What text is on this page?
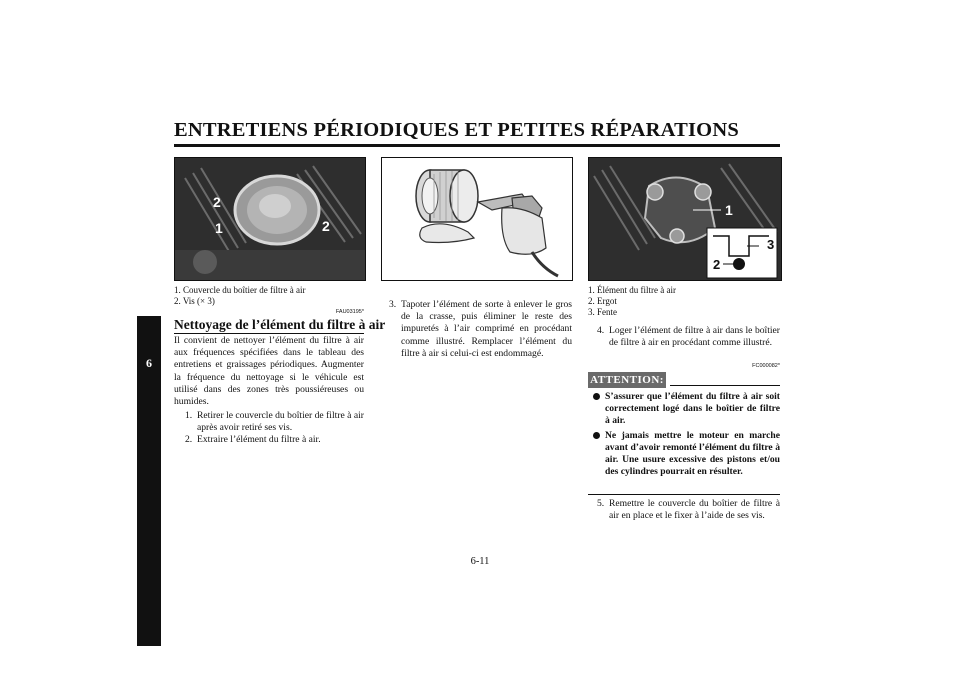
ENTRETIENS PÉRIODIQUES ET PETITES RÉPARATIONS
6
2
1	2
1. Couvercle du boîtier de filtre à air
2. Vis (× 3)
FAU03195*
Nettoyage de l’élément du filtre à air
Il convient de nettoyer l’élément du filtre à air aux fréquences spécifiées dans le tableau des entretiens et graissages périodiques. Augmenter la fréquence du nettoyage si le véhicule est utilisé dans des zones très poussiéreuses ou humides.
1. Retirer le couvercle du boîtier de filtre à air après avoir retiré ses vis.
2. Extraire l’élément du filtre à air.
3. Tapoter l’élément de sorte à enlever le gros de la crasse, puis éliminer le reste des impuretés à l’air comprimé en procédant comme illustré. Remplacer l’élément du filtre à air si celui-ci est endommagé.
1
3
2
1. Élément du filtre à air
2. Ergot
3. Fente
4. Loger l’élément de filtre à air dans le boîtier de filtre à air en procédant comme illustré.
FC000082*
ATTENTION:
S’assurer que l’élément du filtre à air soit correctement logé dans le boîtier de filtre à air.
Ne jamais mettre le moteur en marche avant d’avoir remonté l’élément du filtre à air. Une usure excessive des pistons et/ou des cylindres pourrait en résulter.
5. Remettre le couvercle du boîtier de filtre à air en place et le fixer à l’aide de ses vis.
6-11
